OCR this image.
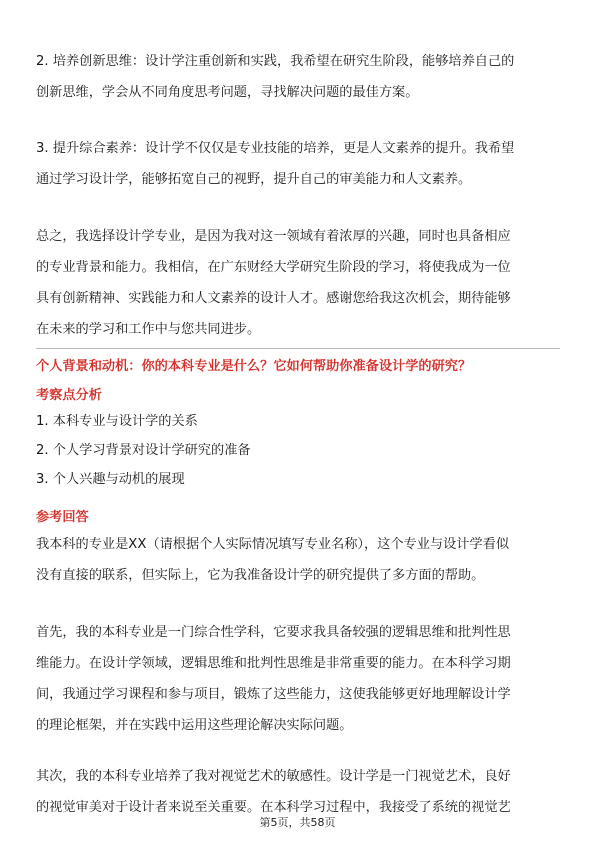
2. 培养创新思维：设计学注重创新和实践，我希望在研究生阶段，能够培养自己的
创新思维，学会从不同角度思考问题，寻找解决问题的最佳方案。
3. 提升综合素养：设计学不仅仅是专业技能的培养，更是人文素养的提升。我希望
通过学习设计学，能够拓宽自己的视野，提升自己的审美能力和人文素养。
总之，我选择设计学专业，是因为我对这一领域有着浓厚的兴趣，同时也具备相应
的专业背景和能力。我相信，在广东财经大学研究生阶段的学习，将使我成为一位
具有创新精神、实践能力和人文素养的设计人才。感谢您给我这次机会，期待能够
在未来的学习和工作中与您共同进步。

个人背景和动机：你的本科专业是什么？它如何帮助你准备设计学的研究？

考察点分析

1. 本科专业与设计学的关系

2. 个人学习背景对设计学研究的准备

3. 个人兴趣与动机的展现

参考回答

我本科的专业是XX（请根据个人实际情况填写专业名称），这个专业与设计学看似
没有直接的联系，但实际上，它为我准备设计学的研究提供了多方面的帮助。
首先，我的本科专业是一门综合性学科，它要求我具备较强的逻辑思维和批判性思
维能力。在设计学领域，逻辑思维和批判性思维是非常重要的能力。在本科学习期
间，我通过学习课程和参与项目，锻炼了这些能力，这使我能够更好地理解设计学
的理论框架，并在实践中运用这些理论解决实际问题。
其次，我的本科专业培养了我对视觉艺术的敏感性。设计学是一门视觉艺术，良好
的视觉审美对于设计者来说至关重要。在本科学习过程中，我接受了系统的视觉艺
第5页，共58页
